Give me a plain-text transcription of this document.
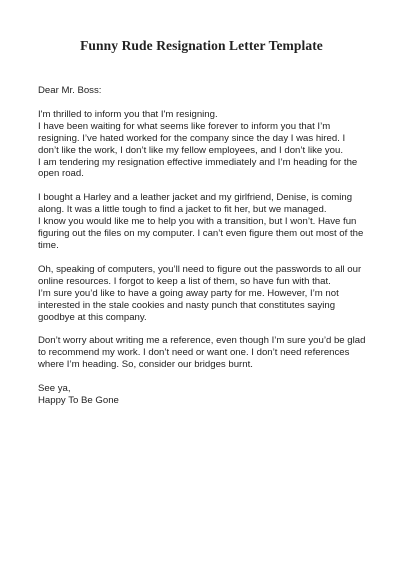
Funny Rude Resignation Letter Template

Dear Mr. Boss:

I'm thrilled to inform you that I'm resigning.
I have been waiting for what seems like forever to inform you that I’m
resigning. I’ve hated worked for the company since the day I was hired. I
don’t like the work, I don’t like my fellow employees, and I don’t like you.
I am tendering my resignation effective immediately and I’m heading for the
open road.

I bought a Harley and a leather jacket and my girlfriend, Denise, is coming
along. It was a little tough to find a jacket to fit her, but we managed.
I know you would like me to help you with a transition, but I won’t. Have fun
figuring out the files on my computer. I can’t even figure them out most of the
time.

Oh, speaking of computers, you’ll need to figure out the passwords to all our
online resources. I forgot to keep a list of them, so have fun with that.
I’m sure you’d like to have a going away party for me. However, I’m not
interested in the stale cookies and nasty punch that constitutes saying
goodbye at this company.

Don’t worry about writing me a reference, even though I’m sure you’d be glad
to recommend my work. I don’t need or want one. I don’t need references
where I’m heading. So, consider our bridges burnt.

See ya,
Happy To Be Gone
